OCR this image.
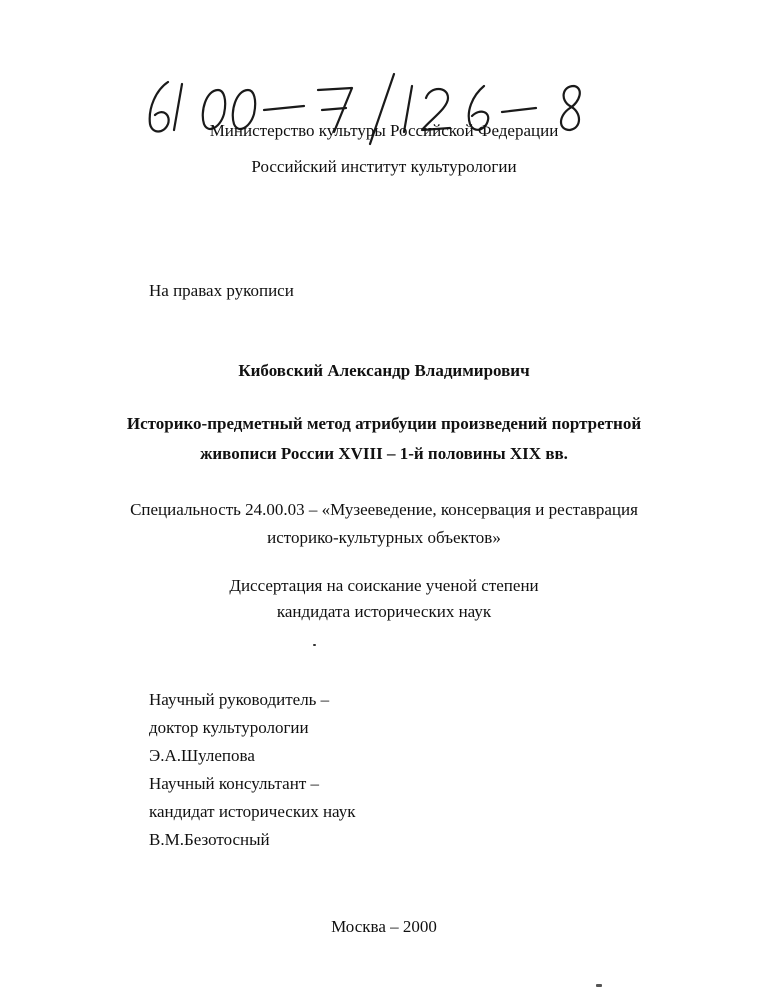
Министерство культуры Российской Федерации
Российский институт культурологии
На правах рукописи
Кибовский Александр Владимирович
Историко-предметный метод атрибуции произведений портретной
живописи России XVIII – 1-й половины XIX вв.
Специальность 24.00.03 – «Музееведение, консервация и реставрация
историко-культурных объектов»
Диссертация на соискание ученой степени
кандидата исторических наук
Научный руководитель –
доктор культурологии
Э.А.Шулепова
Научный консультант –
кандидат исторических наук
В.М.Безотосный
Москва – 2000
